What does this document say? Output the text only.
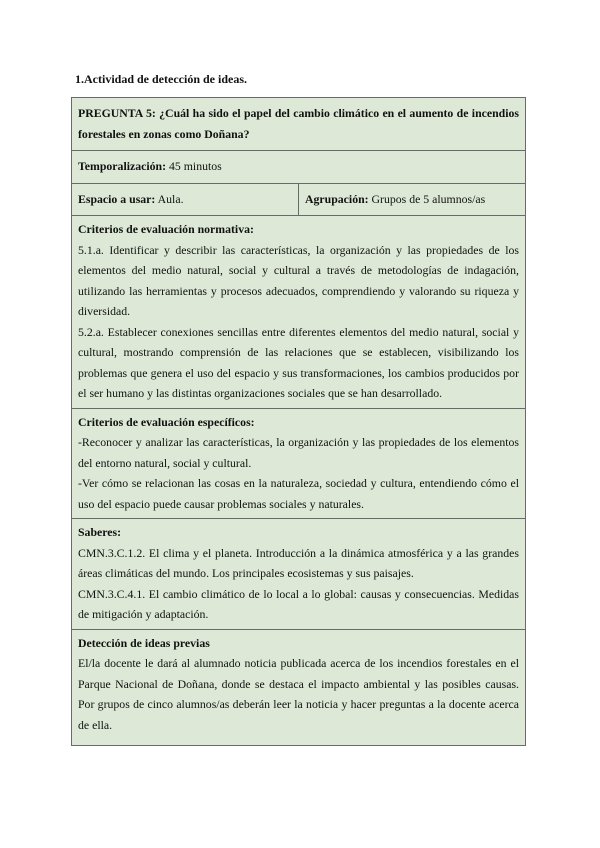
1.Actividad de detección de ideas.
PREGUNTA 5: ¿Cuál ha sido el papel del cambio climático en el aumento de incendios forestales en zonas como Doñana?
Temporalización: 45 minutos
Espacio a usar: Aula.	Agrupación: Grupos de 5 alumnos/as

Criterios de evaluación normativa:

5.1.a. Identificar y describir las características, la organización y las propiedades de los elementos del medio natural, social y cultural a través de metodologías de indagación, utilizando las herramientas y procesos adecuados, comprendiendo y valorando su riqueza y diversidad.

5.2.a. Establecer conexiones sencillas entre diferentes elementos del medio natural, social y cultural, mostrando comprensión de las relaciones que se establecen, visibilizando los problemas que genera el uso del espacio y sus transformaciones, los cambios producidos por el ser humano y las distintas organizaciones sociales que se han desarrollado.

Criterios de evaluación específicos:

-Reconocer y analizar las características, la organización y las propiedades de los elementos del entorno natural, social y cultural.

-Ver cómo se relacionan las cosas en la naturaleza, sociedad y cultura, entendiendo cómo el uso del espacio puede causar problemas sociales y naturales.

Saberes:

CMN.3.C.1.2. El clima y el planeta. Introducción a la dinámica atmosférica y a las grandes áreas climáticas del mundo. Los principales ecosistemas y sus paisajes.

CMN.3.C.4.1. El cambio climático de lo local a lo global: causas y consecuencias. Medidas de mitigación y adaptación.

Detección de ideas previas

El/la docente le dará al alumnado noticia publicada acerca de los incendios forestales en el Parque Nacional de Doñana, donde se destaca el impacto ambiental y las posibles causas. Por grupos de cinco alumnos/as deberán leer la noticia y hacer preguntas a la docente acerca de ella.
